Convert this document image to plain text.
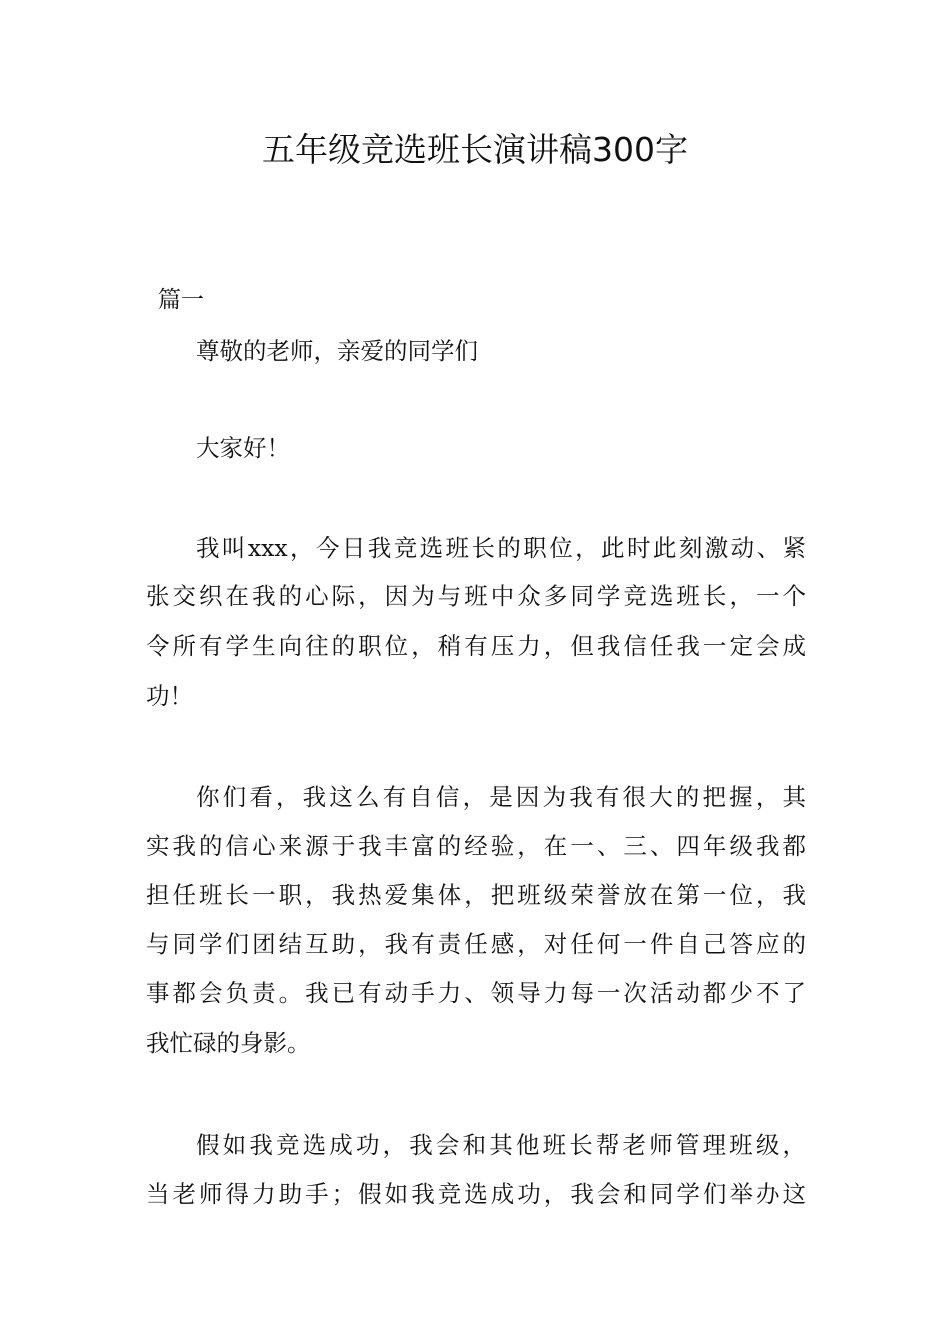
五年级竞选班长演讲稿300字
篇一
尊敬的老师，亲爱的同学们
大家好！
我叫xxx，今日我竞选班长的职位，此时此刻激动、紧
张交织在我的心际，因为与班中众多同学竞选班长，一个
令所有学生向往的职位，稍有压力，但我信任我一定会成
功！
你们看，我这么有自信，是因为我有很大的把握，其
实我的信心来源于我丰富的经验，在一、三、四年级我都
担任班长一职，我热爱集体，把班级荣誉放在第一位，我
与同学们团结互助，我有责任感，对任何一件自己答应的
事都会负责。我已有动手力、领导力每一次活动都少不了
我忙碌的身影。
假如我竞选成功，我会和其他班长帮老师管理班级，
当老师得力助手；假如我竞选成功，我会和同学们举办这
